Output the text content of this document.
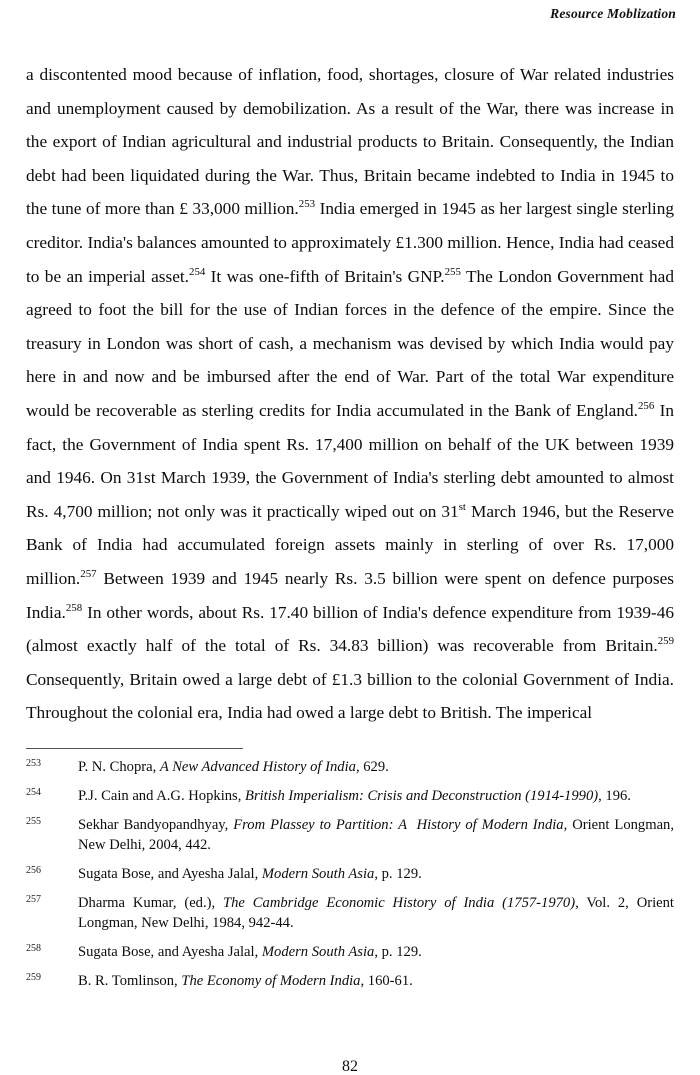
Resource Moblization

a discontented mood because of inflation, food, shortages, closure of War related industries and unemployment caused by demobilization. As a result of the War, there was increase in the export of Indian agricultural and industrial products to Britain. Consequently, the Indian debt had been liquidated during the War. Thus, Britain became indebted to India in 1945 to the tune of more than £ 33,000 million.$^{253}$ India emerged in 1945 as her largest single sterling creditor. India's balances amounted to approximately £1.300 million. Hence, India had ceased to be an imperial asset.$^{254}$ It was one-fifth of Britain's GNP.$^{255}$ The London Government had agreed to foot the bill for the use of Indian forces in the defence of the empire. Since the treasury in London was short of cash, a mechanism was devised by which India would pay here in and now and be imbursed after the end of War. Part of the total War expenditure would be recoverable as sterling credits for India accumulated in the Bank of England.$^{256}$ In fact, the Government of India spent Rs. 17,400 million on behalf of the UK between 1939 and 1946. On 31st March 1939, the Government of India's sterling debt amounted to almost Rs. 4,700 million; not only was it practically wiped out on 31st March 1946, but the Reserve Bank of India had accumulated foreign assets mainly in sterling of over Rs. 17,000 million.$^{257}$ Between 1939 and 1945 nearly Rs. 3.5 billion were spent on defence purposes India.$^{258}$ In other words, about Rs. 17.40 billion of India's defence expenditure from 1939-46 (almost exactly half of the total of Rs. 34.83 billion) was recoverable from Britain.$^{259}$ Consequently, Britain owed a large debt of £1.3 billion to the colonial Government of India. Throughout the colonial era, India had owed a large debt to British. The imperical

253	P. N. Chopra, A New Advanced History of India, 629.
254	P.J. Cain and A.G. Hopkins, British Imperialism: Crisis and Deconstruction (1914-1990), 196.
255	Sekhar Bandyopandhyay, From Plassey to Partition: A  History of Modern India, Orient Longman, New Delhi, 2004, 442.
256	Sugata Bose, and Ayesha Jalal, Modern South Asia, p. 129.
257	Dharma Kumar, (ed.), The Cambridge Economic History of India (1757-1970), Vol. 2, Orient Longman, New Delhi, 1984, 942-44.
258	Sugata Bose, and Ayesha Jalal, Modern South Asia, p. 129.
259	B. R. Tomlinson, The Economy of Modern India, 160-61.
82
